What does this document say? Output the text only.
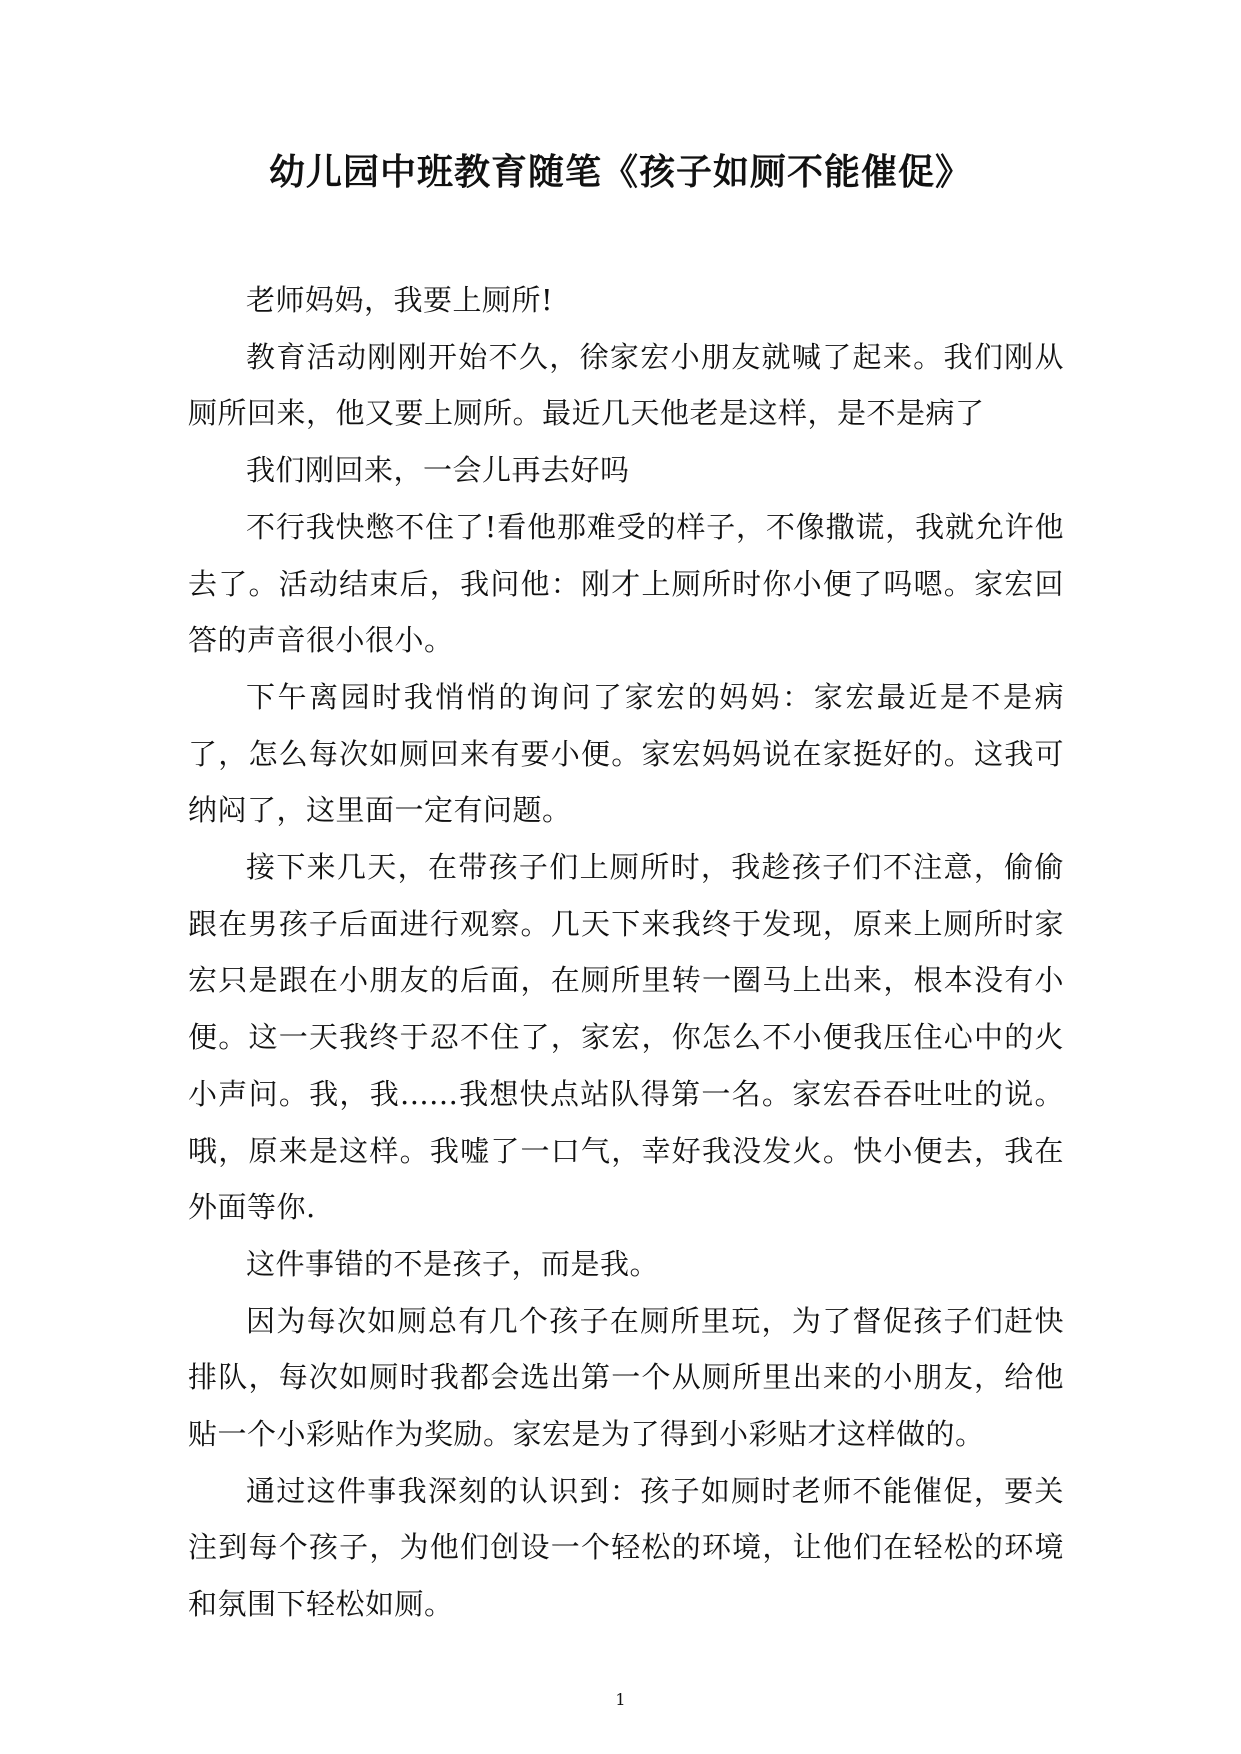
幼儿园中班教育随笔《孩子如厕不能催促》

老师妈妈，我要上厕所!

教育活动刚刚开始不久，徐家宏小朋友就喊了起来。我们刚从厕所回来，他又要上厕所。最近几天他老是这样，是不是病了

我们刚回来，一会儿再去好吗

不行我快憋不住了!看他那难受的样子，不像撒谎，我就允许他去了。活动结束后，我问他：刚才上厕所时你小便了吗嗯。家宏回答的声音很小很小。

下午离园时我悄悄的询问了家宏的妈妈：家宏最近是不是病了，怎么每次如厕回来有要小便。家宏妈妈说在家挺好的。这我可纳闷了，这里面一定有问题。

接下来几天，在带孩子们上厕所时，我趁孩子们不注意，偷偷跟在男孩子后面进行观察。几天下来我终于发现，原来上厕所时家宏只是跟在小朋友的后面，在厕所里转一圈马上出来，根本没有小便。这一天我终于忍不住了，家宏，你怎么不小便我压住心中的火小声问。我，我......我想快点站队得第一名。家宏吞吞吐吐的说。哦，原来是这样。我嘘了一口气，幸好我没发火。快小便去，我在外面等你.

这件事错的不是孩子，而是我。

因为每次如厕总有几个孩子在厕所里玩，为了督促孩子们赶快排队，每次如厕时我都会选出第一个从厕所里出来的小朋友，给他贴一个小彩贴作为奖励。家宏是为了得到小彩贴才这样做的。

通过这件事我深刻的认识到：孩子如厕时老师不能催促，要关注到每个孩子，为他们创设一个轻松的环境，让他们在轻松的环境和氛围下轻松如厕。

1
